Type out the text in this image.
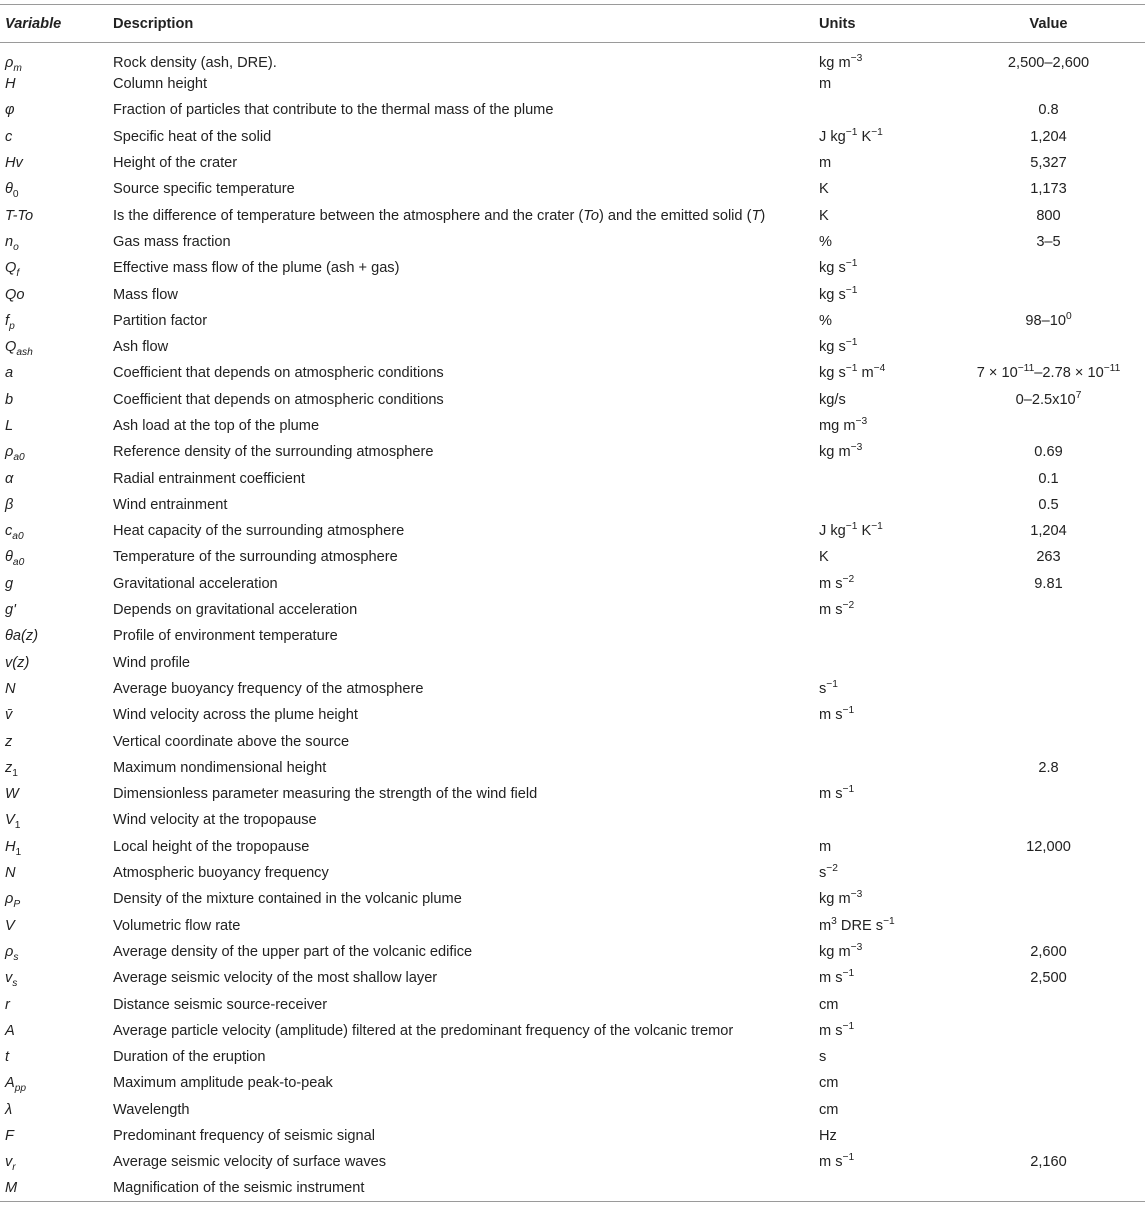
Variable	Description	Units	Value
$\rho_m$	Rock density (ash, DRE).	kg $m^{-3}$	2,500–2,600
H	Column height	m	
φ	Fraction of particles that contribute to the thermal mass of the plume		0.8
c	Specific heat of the solid	J $kg^{-1}$ $K^{-1}$	1,204
Hv	Height of the crater	m	5,327
$\theta_0$	Source specific temperature	K	1,173
T-To	Is the difference of temperature between the atmosphere and the crater (To) and the emitted solid (T)	K	800
$n_o$	Gas mass fraction	%	3–5
$Q_f$	Effective mass flow of the plume (ash + gas)	kg $s^{-1}$	
Qo	Mass flow	kg $s^{-1}$	
$f_p$	Partition factor	%	$98-10^0$
$Q_{ash}$	Ash flow	kg $s^{-1}$	
a	Coefficient that depends on atmospheric conditions	kg $s^{-1}$ $m^{-4}$	$7 \times 10^{-11}-2.78 \times 10^{-11}$
b	Coefficient that depends on atmospheric conditions	kg/s	$0-2.5x10^7$
L	Ash load at the top of the plume	mg $m^{-3}$	
$\rho_{a0}$	Reference density of the surrounding atmosphere	kg $m^{-3}$	0.69
α	Radial entrainment coefficient		0.1
β	Wind entrainment		0.5
$c_{a0}$	Heat capacity of the surrounding atmosphere	J $kg^{-1}$ $K^{-1}$	1,204
$\theta_{a0}$	Temperature of the surrounding atmosphere	K	263
g	Gravitational acceleration	m $s^{-2}$	9.81
g'	Depends on gravitational acceleration	m $s^{-2}$	
θa(z)	Profile of environment temperature		
v(z)	Wind profile		
N	Average buoyancy frequency of the atmosphere	$s^{-1}$	
v̄	Wind velocity across the plume height	m $s^{-1}$	
z	Vertical coordinate above the source		
$z_1$	Maximum nondimensional height		2.8
W	Dimensionless parameter measuring the strength of the wind field	m $s^{-1}$	
$V_1$	Wind velocity at the tropopause		
$H_1$	Local height of the tropopause	m	12,000
N	Atmospheric buoyancy frequency	$s^{-2}$	
$\rho_P$	Density of the mixture contained in the volcanic plume	kg $m^{-3}$	
V	Volumetric flow rate	$m^3$ DRE $s^{-1}$	
$\rho_s$	Average density of the upper part of the volcanic edifice	kg $m^{-3}$	2,600
$v_s$	Average seismic velocity of the most shallow layer	m $s^{-1}$	2,500
r	Distance seismic source-receiver	cm	
A	Average particle velocity (amplitude) filtered at the predominant frequency of the volcanic tremor	m $s^{-1}$	
t	Duration of the eruption	s	
$A_{pp}$	Maximum amplitude peak-to-peak	cm	
λ	Wavelength	cm	
F	Predominant frequency of seismic signal	Hz	
$v_r$	Average seismic velocity of surface waves	m $s^{-1}$	2,160
M	Magnification of the seismic instrument		
